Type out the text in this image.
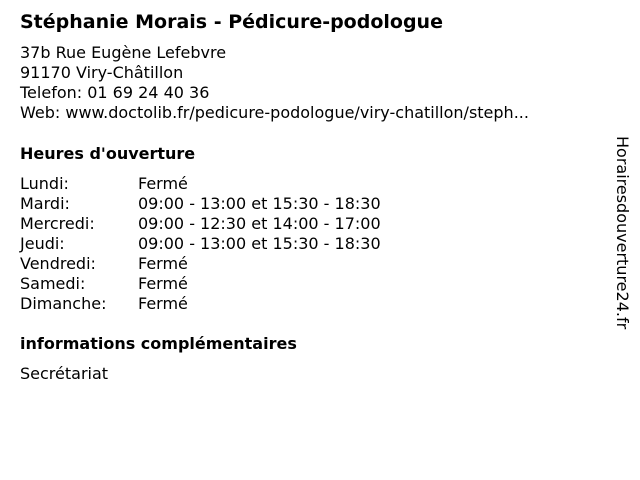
Stéphanie Morais - Pédicure-podologue
37b Rue Eugène Lefebvre
91170 Viry-Châtillon
Telefon: 01 69 24 40 36
Web: www.doctolib.fr/pedicure-podologue/viry-chatillon/steph...
Heures d'ouverture
Lundi:	Fermé
Mardi:	09:00 - 13:00 et 15:30 - 18:30
Mercredi:	09:00 - 12:30 et 14:00 - 17:00
Jeudi:	09:00 - 13:00 et 15:30 - 18:30
Vendredi:	Fermé
Samedi:	Fermé
Dimanche: Fermé
informations complémentaires
Secrétariat
Horairesdouverture24.fr
